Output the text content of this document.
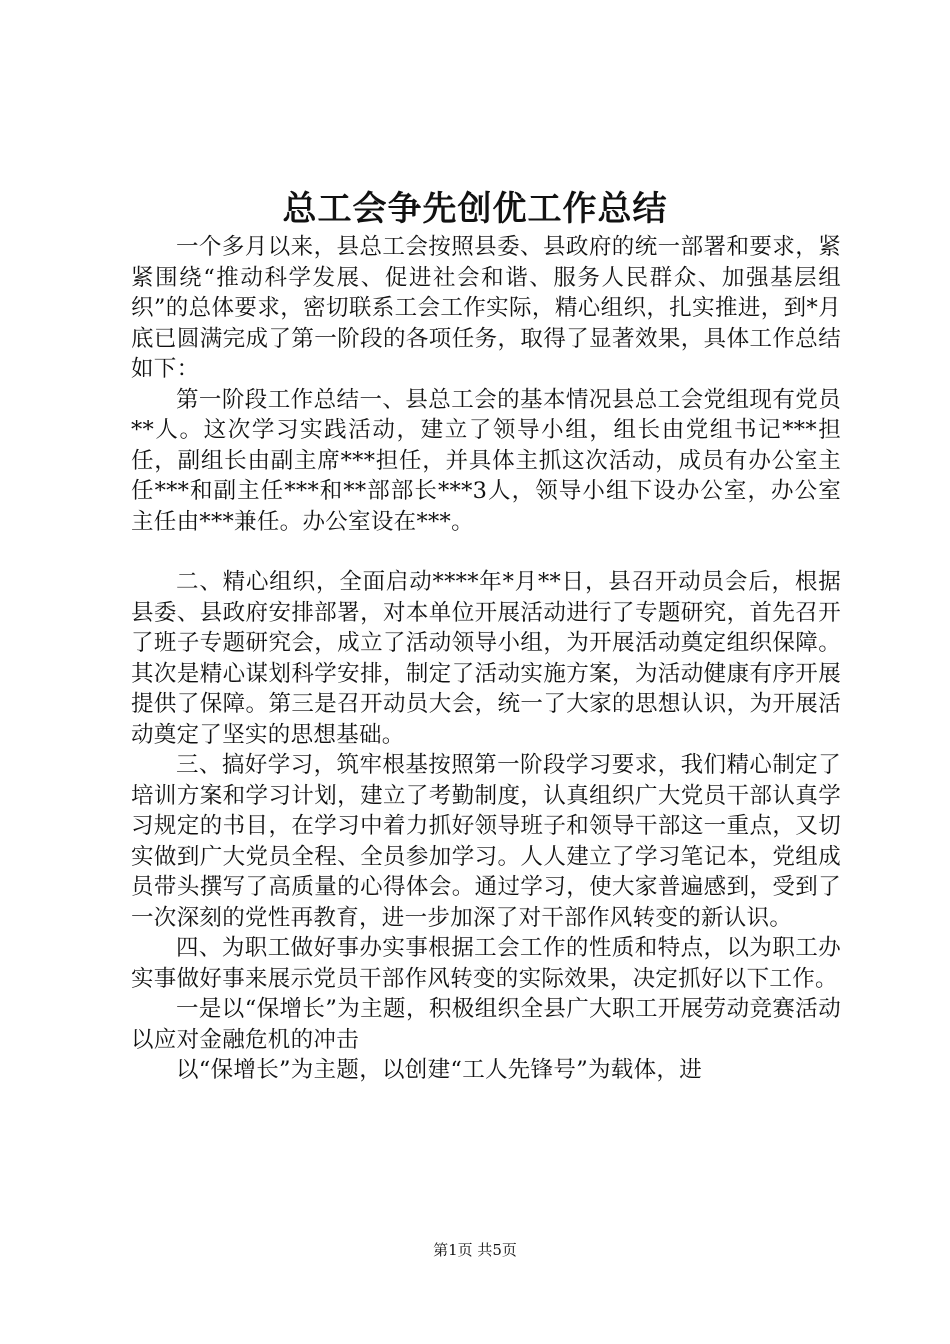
总工会争先创优工作总结

一个多月以来，县总工会按照县委、县政府的统一部署和要求，紧紧围绕“推动科学发展、促进社会和谐、服务人民群众、加强基层组织”的总体要求，密切联系工会工作实际，精心组织，扎实推进，到*月底已圆满完成了第一阶段的各项任务，取得了显著效果，具体工作总结如下：

第一阶段工作总结一、县总工会的基本情况县总工会党组现有党员**人。这次学习实践活动，建立了领导小组，组长由党组书记***担任，副组长由副主席***担任，并具体主抓这次活动，成员有办公室主任***和副主任***和**部部长***3人，领导小组下设办公室，办公室主任由***兼任。办公室设在***。

二、精心组织，全面启动****年*月**日，县召开动员会后，根据县委、县政府安排部署，对本单位开展活动进行了专题研究，首先召开了班子专题研究会，成立了活动领导小组，为开展活动奠定组织保障。其次是精心谋划科学安排，制定了活动实施方案，为活动健康有序开展提供了保障。第三是召开动员大会，统一了大家的思想认识，为开展活动奠定了坚实的思想基础。

三、搞好学习，筑牢根基按照第一阶段学习要求，我们精心制定了培训方案和学习计划，建立了考勤制度，认真组织广大党员干部认真学习规定的书目，在学习中着力抓好领导班子和领导干部这一重点，又切实做到广大党员全程、全员参加学习。人人建立了学习笔记本，党组成员带头撰写了高质量的心得体会。通过学习，使大家普遍感到，受到了一次深刻的党性再教育，进一步加深了对干部作风转变的新认识。

四、为职工做好事办实事根据工会工作的性质和特点，以为职工办实事做好事来展示党员干部作风转变的实际效果，决定抓好以下工作。

一是以“保增长”为主题，积极组织全县广大职工开展劳动竞赛活动以应对金融危机的冲击

以“保增长”为主题，以创建“工人先锋号”为载体，进

第1页 共5页
